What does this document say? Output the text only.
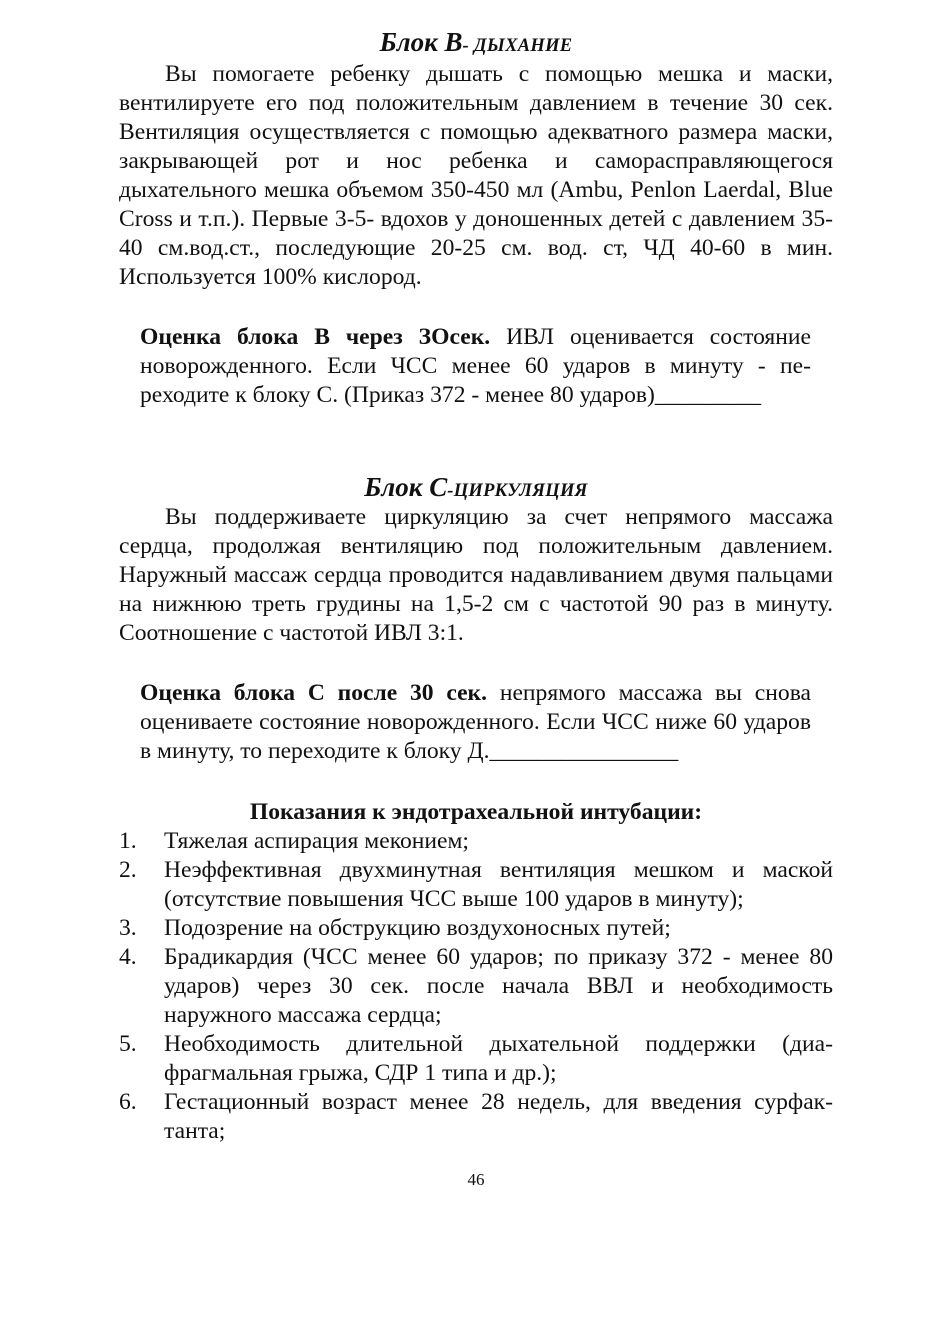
Блок В- ДЫХАНИЕ

Вы помогаете ребенку дышать с помощью мешка и маски, вентилируете его под положительным давлением в течение 30 сек. Вентиляция осуществляется с помощью адекватного размера маски, закрывающей рот и нос ребенка и саморасправляющегося дыхательного мешка объемом 350-450 мл (Ambu, Penlon Laerdal, Blue Cross и т.п.). Первые 3-5- вдохов у доношенных детей с давлением 35-40 см.вод.ст., последующие 20-25 см. вод. ст, ЧД 40-60 в мин. Используется 100% кислород.

Оценка блока В через ЗОсек. ИВЛ оценивается состояние новорожденного. Если ЧСС менее 60 ударов в минуту - переходите к блоку С. (Приказ 372 - менее 80 ударов)_________

Блок С-ЦИРКУЛЯЦИЯ

Вы поддерживаете циркуляцию за счет непрямого массажа сердца, продолжая вентиляцию под положительным давлением. Наружный массаж сердца проводится надавливанием двумя пальцами на нижнюю треть грудины на 1,5-2 см с частотой 90 раз в минуту. Соотношение с частотой ИВЛ 3:1.

Оценка блока С после 30 сек. непрямого массажа вы снова оцениваете состояние новорожденного. Если ЧСС ниже 60 ударов в минуту, то переходите к блоку Д.________________

Показания к эндотрахеальной интубации:
1. Тяжелая аспирация меконием;
2. Неэффективная двухминутная вентиляция мешком и маской (отсутствие повышения ЧСС выше 100 ударов в минуту);
3. Подозрение на обструкцию воздухоносных путей;
4. Брадикардия (ЧСС менее 60 ударов; по приказу 372 - менее 80 ударов) через 30 сек. после начала ВВЛ и необходимость наружного массажа сердца;
5. Необходимость длительной дыхательной поддержки (диафрагмальная грыжа, СДР 1 типа и др.);
6. Гестационный возраст менее 28 недель, для введения сурфактанта;
46
